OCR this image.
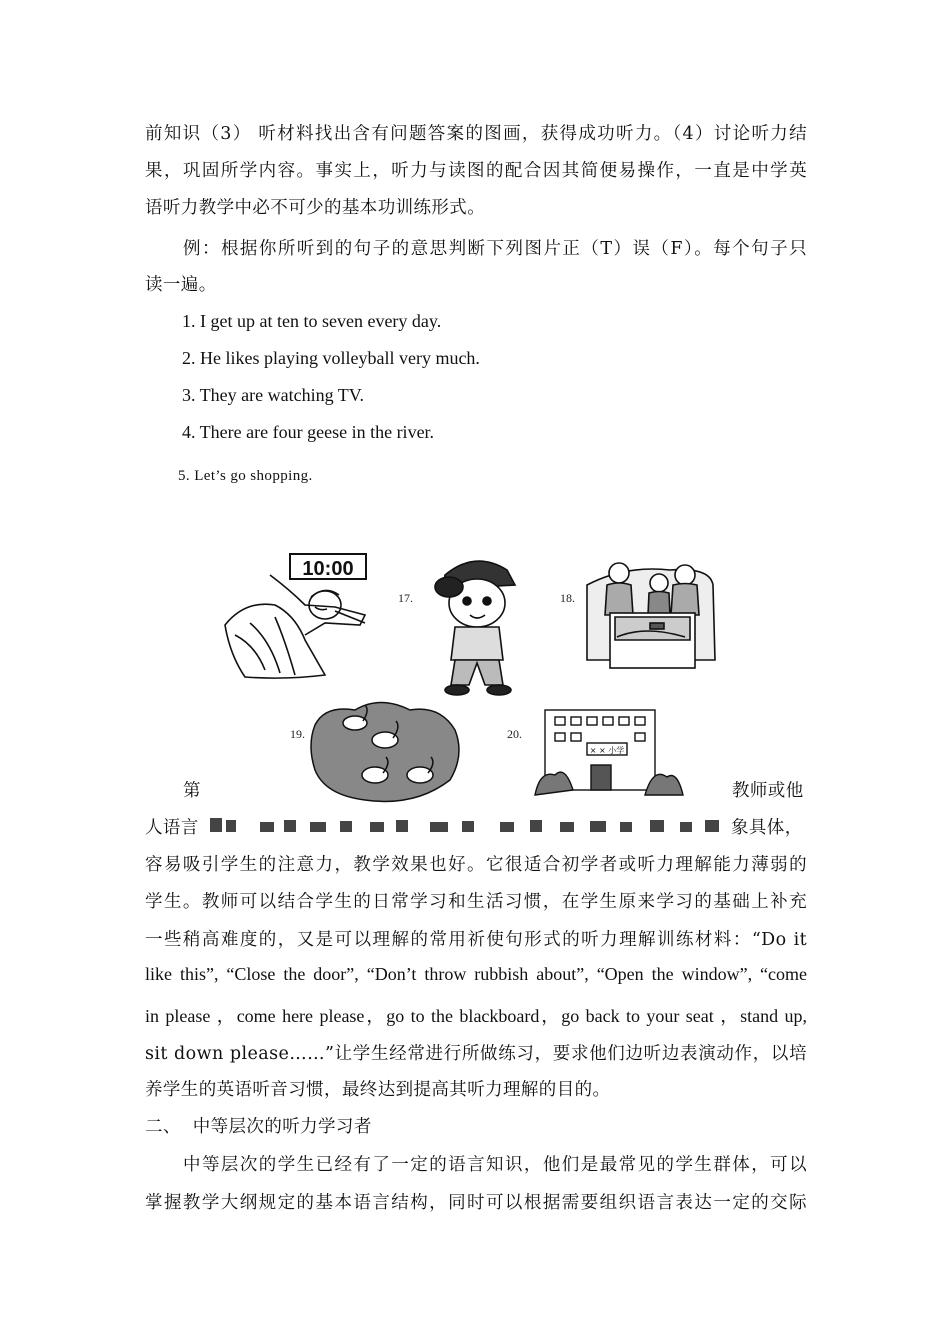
前知识（3） 听材料找出含有问题答案的图画，获得成功听力。（4）讨论听力结
果，巩固所学内容。事实上，听力与读图的配合因其简便易操作，一直是中学英
语听力教学中必不可少的基本功训练形式。
例：根据你所听到的句子的意思判断下列图片正（T）误（F）。每个句子只
读一遍。
1. I get up at ten to seven every day.
2. He likes playing volleyball very much.
3. They are watching TV.
4. There are four geese in the river.
5. Let’s go shopping.
第	教师或他
人语言	象具体，
容易吸引学生的注意力，教学效果也好。它很适合初学者或听力理解能力薄弱的
学生。教师可以结合学生的日常学习和生活习惯，在学生原来学习的基础上补充
一些稍高难度的，又是可以理解的常用祈使句形式的听力理解训练材料：“Do it
like this”, “Close the door”, “Don’t throw rubbish about”, “Open the window”, “come
in please ，come here please，go to the blackboard，go back to your seat ，stand up,
sit down please……”让学生经常进行所做练习，要求他们边听边表演动作，以培
养学生的英语听音习惯，最终达到提高其听力理解的目的。
二、  中等层次的听力学习者
中等层次的学生已经有了一定的语言知识，他们是最常见的学生群体，可以
掌握教学大纲规定的基本语言结构，同时可以根据需要组织语言表达一定的交际
10:00
17.	18.
19.
× × 小学
20.
